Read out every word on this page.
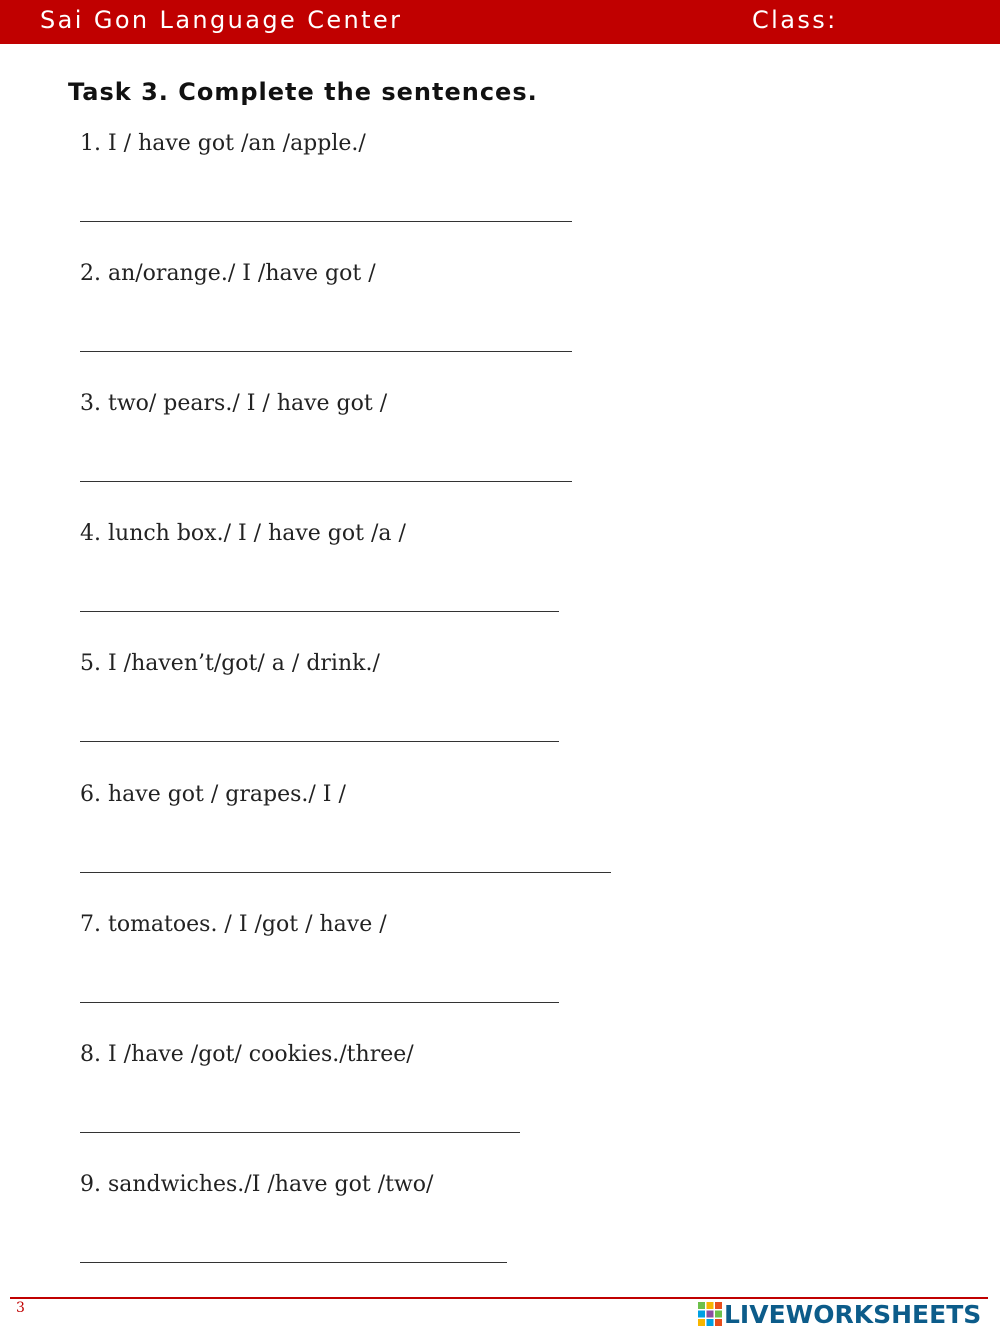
Sai Gon Language Center	Class:
Task 3. Complete the sentences.
1. I / have got /an /apple./
2. an/orange./ I /have got /
3. two/ pears./ I / have got /
4. lunch box./ I / have got /a /
5. I /haven’t/got/ a / drink./
6. have got / grapes./ I /
7. tomatoes. / I /got / have /
8. I /have /got/ cookies./three/
9. sandwiches./I /have got /two/
3	LIVEWORKSHEETS
